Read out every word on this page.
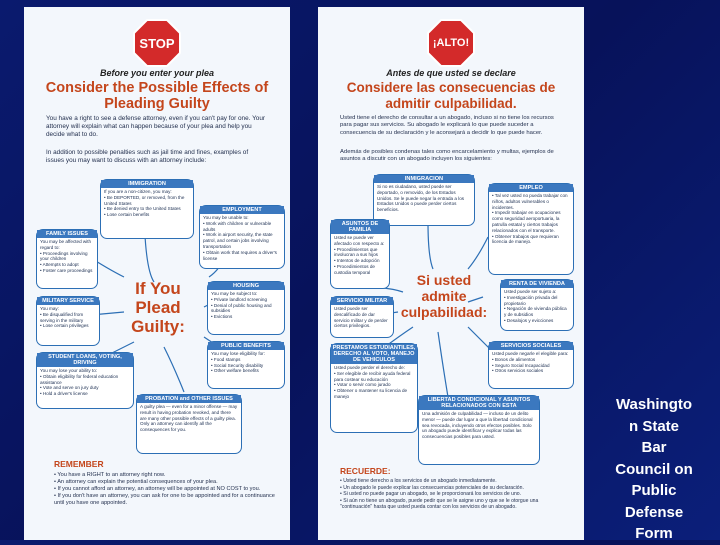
STOP
Before you enter your plea
Consider the Possible Effects of Pleading Guilty
You have a right to see a defense attorney, even if you can't pay for one. Your attorney will explain what can happen because of your plea and help you decide what to do.
In addition to possible penalties such as jail time and fines, examples of issues you may want to discuss with an attorney include:
IMMIGRATION
If you are a non-citizen, you may:
• Be DEPORTED, or removed, from the United States
• Be denied entry to the United States
• Lose certain benefits
EMPLOYMENT
You may be unable to:
• Work with children or vulnerable adults
• Work in airport security, the state patrol, and certain jobs involving transportation
• Obtain work that requires a driver's license
FAMILY ISSUES
You may be affected with regard to:
• Proceedings involving your children
• Attempts to adopt
• Foster care proceedings
HOUSING
You may be subject to:
• Private landlord screening
• Denial of public housing and subsidies
• Evictions
MILITARY SERVICE
You may:
• Be disqualified from serving in the military
• Lose certain privileges
If You
Plead
Guilty:
PUBLIC BENEFITS
You may lose eligibility for:
• Food stamps
• Social Security disability
• Other welfare benefits
STUDENT LOANS, VOTING, DRIVING
You may lose your ability to:
• Obtain eligibility for federal education assistance
• Vote and serve on jury duty
• Hold a driver's license
PROBATION and OTHER ISSUES
A guilty plea — even for a minor offense — may result in having probation revoked, and there are many other possible effects of a guilty plea. Only an attorney can identify all the consequences for you.
REMEMBER
• You have a RIGHT to an attorney right now.
• An attorney can explain the potential consequences of your plea.
• If you cannot afford an attorney, an attorney will be appointed at NO COST to you.
• If you don't have an attorney, you can ask for one to be appointed and for a continuance until you have one appointed.
¡ALTO!
Antes de que usted se declare
Considere las consecuencias de admitir culpabilidad.
Usted tiene el derecho de consultar a un abogado, incluso si no tiene los recursos para pagar sus servicios. Su abogado le explicará lo que puede suceder a consecuencia de su declaración y le aconsejará a decidir lo que puede hacer.
Además de posibles condenas tales como encarcelamiento y multas, ejemplos de asuntos a discutir con un abogado incluyen los siguientes:
INMIGRACION
Si no es ciudadano, usted puede ser deportado, o removido, de los Estados Unidos. Se le puede negar la entrada a los Estados Unidos o puede perder ciertos beneficios.
EMPLEO
• Tal vez usted no pueda trabajar con niños, adultos vulnerables o incidentes.
• Impedir trabajar en ocupaciones como seguridad aeroportuaria, la patrulla estatal y ciertos trabajos relacionados con el transporte.
• Obtener trabajos que requieran licencia de manejo.
ASUNTOS DE FAMILIA
Usted se puede ver afectado con respecto a:
• Procedimientos que involucran a sus hijos
• Intentos de adopción
• Procedimientos de custodia temporal	Si usted
admite
culpabilidad:
RENTA DE VIVIENDA
Usted puede ser sujeto a:
• Investigación privada del propietario
• Negación de vivienda pública y de subsidios
• Desalojos y evicciones
SERVICIO MILITAR
Usted puede ser descalificado de dar servicio militar y de perder ciertos privilegios.
SERVICIOS SOCIALES
Usted puede negarle el elegible para:
• Bonos de alimentos
• Seguro Social Incapacidad
• Otros servicios sociales
PRESTAMOS ESTUDIANTILES, DERECHO AL VOTO, MANEJO DE VEHICULOS
Usted puede perder el derecho de:
• Ser elegible de recibir ayuda federal para costear su educación
• Votar o servir como jurado
• Obtener o mantener su licencia de manejo
LIBERTAD CONDICIONAL Y ASUNTOS RELACIONADOS CON ESTA
Una admisión de culpabilidad — incluso de un delito menor — puede dar lugar a que la libertad condicional sea revocada, incluyendo otros efectos posibles. Solo un abogado puede identificar y explicar todas las consecuencias posibles para usted.
RECUERDE:
• Usted tiene derecho a los servicios de un abogado inmediatamente.
• Un abogado le puede explicar las consecuencias potenciales de su declaración.
• Si usted no puede pagar un abogado, se le proporcionará los servicios de uno.
• Si aún no tiene un abogado, puede pedir que se le asigne uno y que se le otorgue una "continuación" hasta que usted pueda contar con los servicios de un abogado.
Washingto
n State
Bar
Council on
Public
Defense
Form
